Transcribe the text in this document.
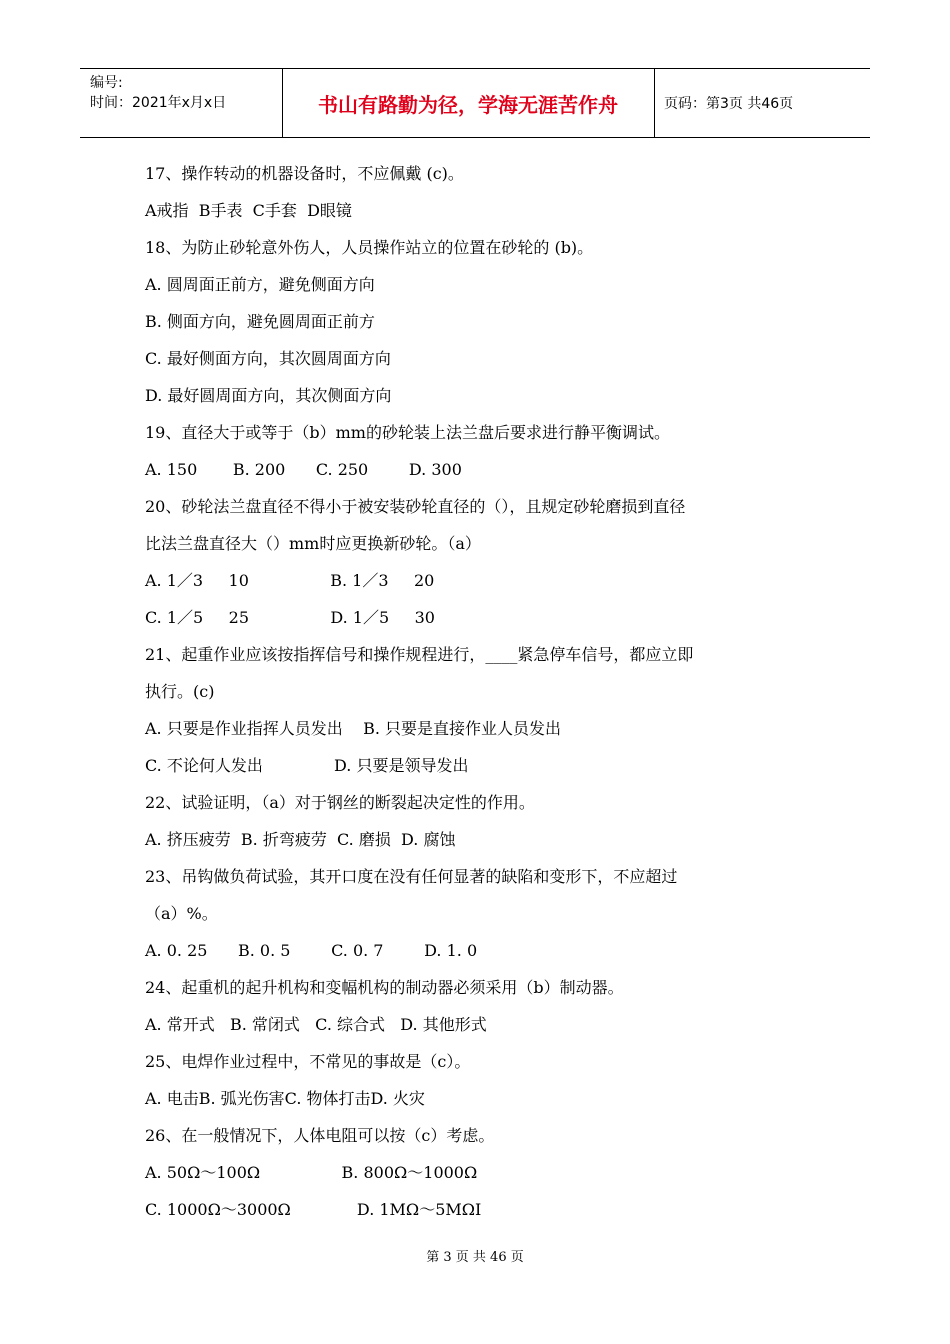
编号:
时间：2021年x月x日	书山有路勤为径，学海无涯苦作舟	页码：第3页 共46页
17、操作转动的机器设备时，不应佩戴 (c)。
A戒指  B手表  C手套  D眼镜
18、为防止砂轮意外伤人，人员操作站立的位置在砂轮的 (b)。
A. 圆周面正前方，避免侧面方向
B. 侧面方向，避免圆周面正前方
C. 最好侧面方向，其次圆周面方向
D. 最好圆周面方向，其次侧面方向
19、直径大于或等于（b）mm的砂轮装上法兰盘后要求进行静平衡调试。
A. 150       B. 200      C. 250        D. 300
20、砂轮法兰盘直径不得小于被安装砂轮直径的（），且规定砂轮磨损到直径
比法兰盘直径大（）mm时应更换新砂轮。（a）
A. 1／3     10                B. 1／3     20
C. 1／5     25                D. 1／5     30
21、起重作业应该按指挥信号和操作规程进行，____紧急停车信号，都应立即
执行。(c)
A. 只要是作业指挥人员发出    B. 只要是直接作业人员发出
C. 不论何人发出              D. 只要是领导发出
22、试验证明，（a）对于钢丝的断裂起决定性的作用。
A. 挤压疲劳  B. 折弯疲劳  C. 磨损  D. 腐蚀
23、吊钩做负荷试验，其开口度在没有任何显著的缺陷和变形下，不应超过
（a）%。
A. 0. 25      B. 0. 5        C. 0. 7        D. 1. 0
24、起重机的起升机构和变幅机构的制动器必须采用（b）制动器。
A. 常开式   B. 常闭式   C. 综合式   D. 其他形式
25、电焊作业过程中，不常见的事故是（c）。
A. 电击B. 弧光伤害C. 物体打击D. 火灾
26、在一般情况下，人体电阻可以按（c）考虑。
A. 50Ω～100Ω                B. 800Ω～1000Ω
C. 1000Ω～3000Ω             D. 1MΩ～5MΩI
第 3 页 共 46 页
